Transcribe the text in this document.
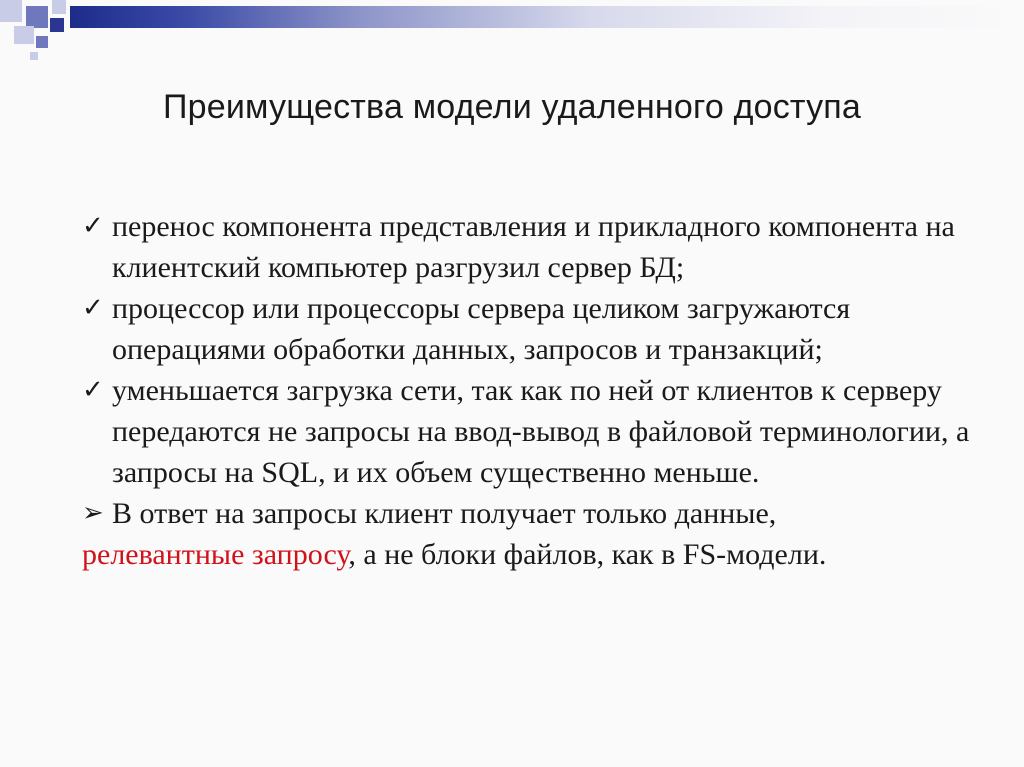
Преимущества модели удаленного доступа
✓ перенос компонента представления и прикладного компонента на клиентский компьютер разгрузил сервер БД;
✓ процессор или процессоры сервера целиком загружаются операциями обработки данных, запросов и транзакций;
✓ уменьшается загрузка сети, так как по ней от клиентов к серверу передаются не запросы на ввод-вывод в файловой терминологии, а запросы на SQL, и их объем существенно меньше.
➢ В ответ на запросы клиент получает только данные,
релевантные запросу, а не блоки файлов, как в FS-модели.
